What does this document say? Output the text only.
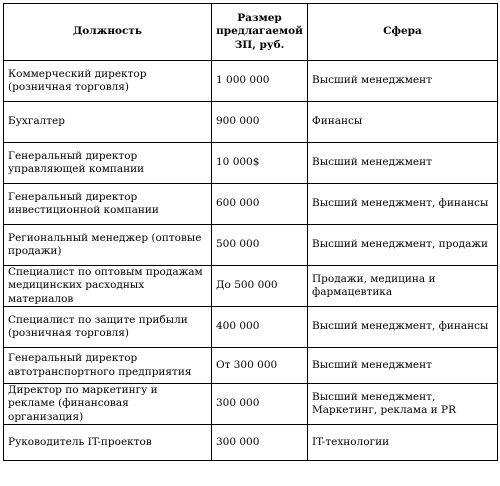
Должность	Размер предлагаемой ЗП, руб.	Сфера
Коммерческий директор (розничная торговля)	1 000 000	Высший менеджмент
Бухгалтер	900 000	Финансы
Генеральный директор управляющей компании	10 000$	Высший менеджмент
Генеральный директор инвестиционной компании	600 000	Высший менеджмент, финансы
Региональный менеджер (оптовые продажи)	500 000	Высший менеджмент, продажи
Специалист по оптовым продажам медицинских расходных материалов	До 500 000	Продажи, медицина и фармацевтика
Специалист по защите прибыли (розничная торговля)	400 000	Высший менеджмент, финансы
Генеральный директор автотранспортного предприятия	От 300 000	Высший менеджмент
Директор по маркетингу и рекламе (финансовая организация)	300 000	Высший менеджмент, Маркетинг, реклама и PR
Руководитель IT-проектов	300 000	IT-технологии
